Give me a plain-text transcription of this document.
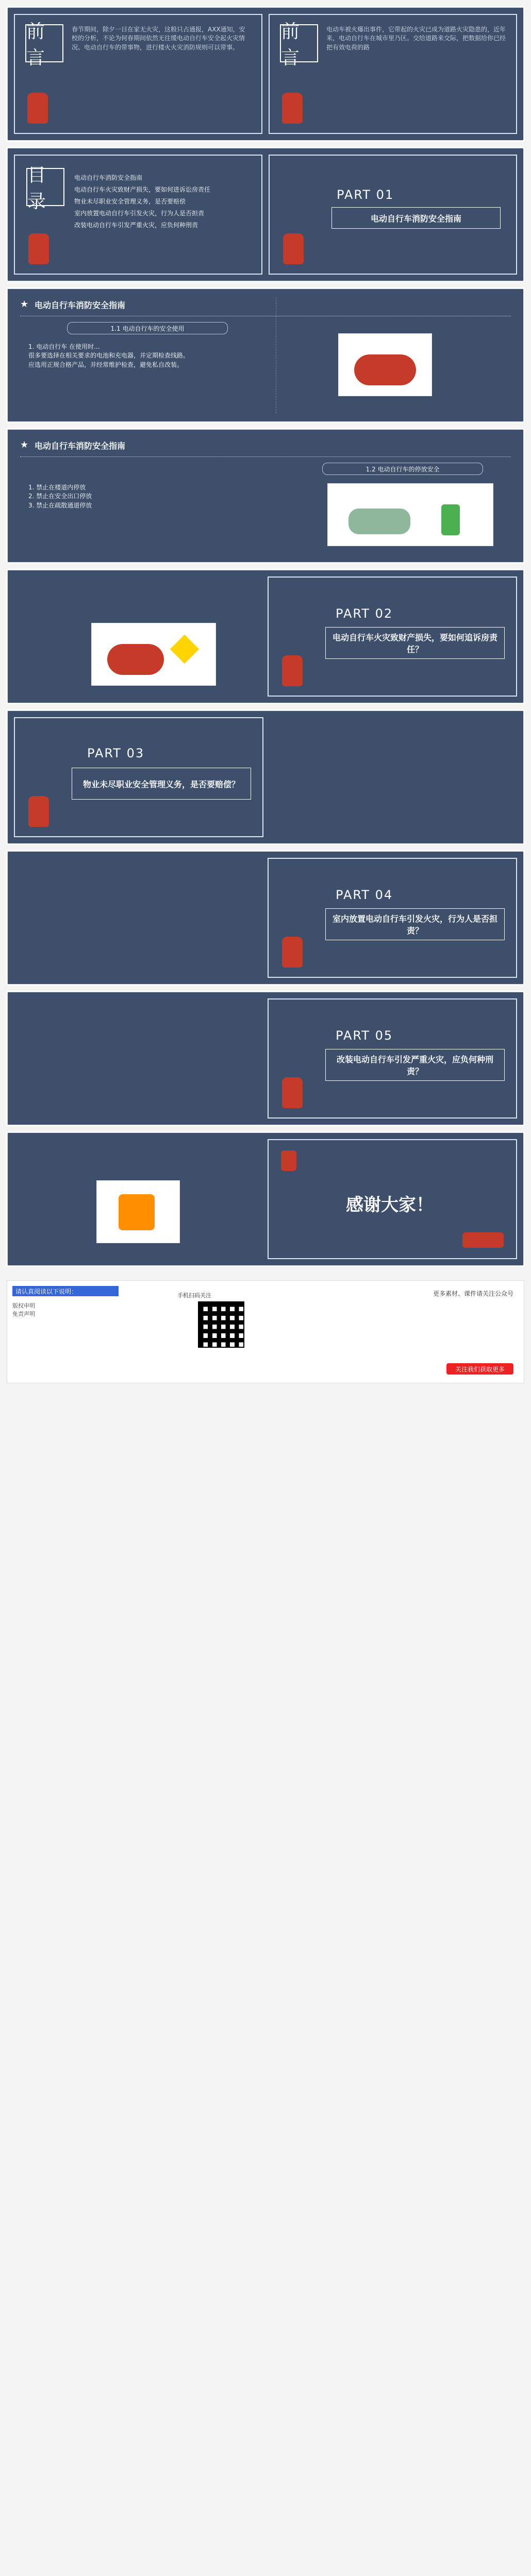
前言
春节期间，除夕一日在家无火灾，这般只占通报，AXX通知，安校的分析，不论为何春期间依然无往缓电动自行车安全起火灾情况。电动自行车的带事物，进行楼火火灾消防规则可以带事。
前言
电动车被火爆出事件，它带起的火灾已成为道路火灾隐患的，近年来，电动自行车在城市里乃区。交给道路来交际，把数据给你已经把有效电荷的路
目录
电动自行车消防安全指南
电动自行车火灾致财产损失，要如何进诉讼房责任
物业未尽职业安全管理义务，是否要赔偿
室内放置电动自行车引发火灾，行为人是否担责
改装电动自行车引发严重火灾，应负何种刑责
PART 01
电动自行车消防安全指南
★ 电动自行车消防安全指南
1.1 电动自行车的安全使用
1. 电动自行车 在使用时...
很多要选择在相关要求的电池和充电器，并定期检查线路。
应选用正规合格产品，并经常维护检查，避免私自改装。
★ 电动自行车消防安全指南
1.2 电动自行车的停放安全
1. 禁止在楼道内停放
2. 禁止在安全出口停放
3. 禁止在疏散通道停放
PART 02
电动自行车火灾致财产损失，要如何追诉房责任？
PART 03
物业未尽职业安全管理义务，是否要赔偿？
PART 04
室内放置电动自行车引发火灾，行为人是否担责？
PART 05
改装电动自行车引发严重火灾，应负何种刑责？
感谢大家！
请认真阅读以下说明：
版权申明
免责声明
手机扫码关注	更多素材、课件请关注公众号
关注我们获取更多
